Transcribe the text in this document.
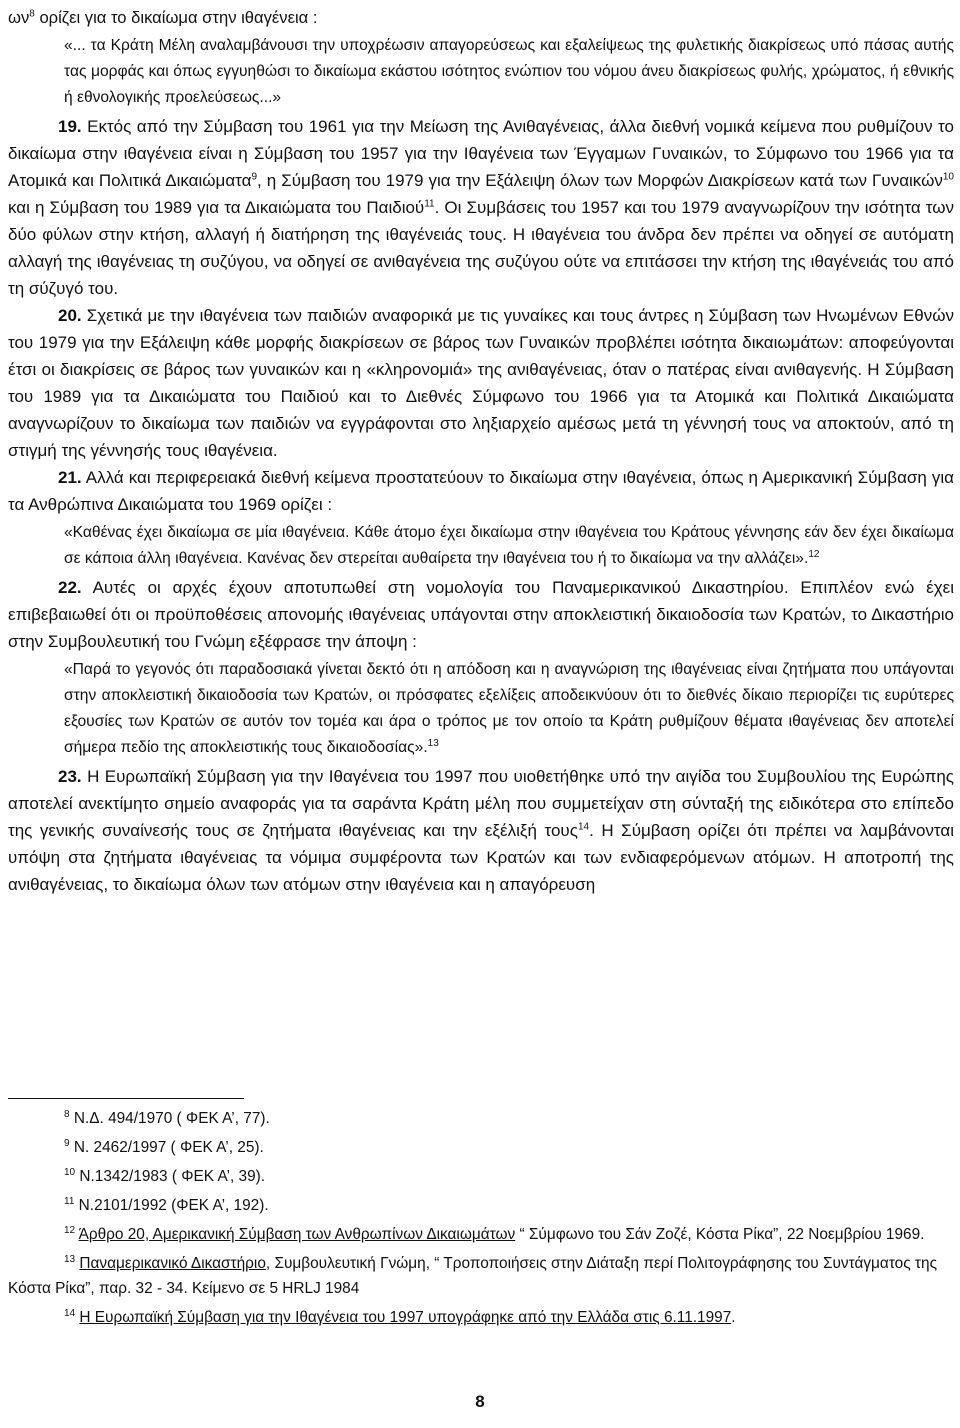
$\omega\nu^8$ ορίζει για το δικαίωμα στην ιθαγένεια :

«... τα Κράτη Μέλη αναλαμβάνουσι την υποχρέωσιν απαγορεύσεως και εξαλείψεως της φυλετικής διακρίσεως υπό πάσας αυτής τας μορφάς και όπως εγγυηθώσι το δικαίωμα εκάστου ισότητος ενώπιον του νόμου άνευ διακρίσεως φυλής, χρώματος, ή εθνικής ή εθνολογικής προελεύσεως...»

19. Εκτός από την Σύμβαση του 1961 για την Μείωση της Ανιθαγένειας, άλλα διεθνή νομικά κείμενα που ρυθμίζουν το δικαίωμα στην ιθαγένεια είναι η Σύμβαση του 1957 για την Ιθαγένεια των Έγγαμων Γυναικών, το Σύμφωνο του 1966 για τα Ατομικά και Πολιτικά Δικαιώματα$^9$, η Σύμβαση του 1979 για την Εξάλειψη όλων των Μορφών Διακρίσεων κατά των Γυναικών$^{10}$ και η Σύμβαση του 1989 για τα Δικαιώματα του Παιδιού$^{11}$. Οι Συμβάσεις του 1957 και του 1979 αναγνωρίζουν την ισότητα των δύο φύλων στην κτήση, αλλαγή ή διατήρηση της ιθαγένειάς τους. Η ιθαγένεια του άνδρα δεν πρέπει να οδηγεί σε αυτόματη αλλαγή της ιθαγένειας τη συζύγου, να οδηγεί σε ανιθαγένεια της συζύγου ούτε να επιτάσσει την κτήση της ιθαγένειάς του από τη σύζυγό του.

20. Σχετικά με την ιθαγένεια των παιδιών αναφορικά με τις γυναίκες και τους άντρες η Σύμβαση των Ηνωμένων Εθνών του 1979 για την Εξάλειψη κάθε μορφής διακρίσεων σε βάρος των Γυναικών προβλέπει ισότητα δικαιωμάτων: αποφεύγονται έτσι οι διακρίσεις σε βάρος των γυναικών και η «κληρονομιά» της ανιθαγένειας, όταν ο πατέρας είναι ανιθαγενής. Η Σύμβαση του 1989 για τα Δικαιώματα του Παιδιού και το Διεθνές Σύμφωνο του 1966 για τα Ατομικά και Πολιτικά Δικαιώματα αναγνωρίζουν το δικαίωμα των παιδιών να εγγράφονται στο ληξιαρχείο αμέσως μετά τη γέννησή τους να αποκτούν, από τη στιγμή της γέννησής τους ιθαγένεια.

21. Αλλά και περιφερειακά διεθνή κείμενα προστατεύουν το δικαίωμα στην ιθαγένεια, όπως η Αμερικανική Σύμβαση για τα Ανθρώπινα Δικαιώματα του 1969 ορίζει :

«Καθένας έχει δικαίωμα σε μία ιθαγένεια. Κάθε άτομο έχει δικαίωμα στην ιθαγένεια του Κράτους γέννησης εάν δεν έχει δικαίωμα σε κάποια άλλη ιθαγένεια. Κανένας δεν στερείται αυθαίρετα την ιθαγένεια του ή το δικαίωμα να την αλλάζει».$^{12}$

22. Αυτές οι αρχές έχουν αποτυπωθεί στη νομολογία του Παναμερικανικού Δικαστηρίου. Επιπλέον ενώ έχει επιβεβαιωθεί ότι οι προϋποθέσεις απονομής ιθαγένειας υπάγονται στην αποκλειστική δικαιοδοσία των Κρατών, το Δικαστήριο στην Συμβουλευτική του Γνώμη εξέφρασε την άποψη :

«Παρά το γεγονός ότι παραδοσιακά γίνεται δεκτό ότι η απόδοση και η αναγνώριση της ιθαγένειας είναι ζητήματα που υπάγονται στην αποκλειστική δικαιοδοσία των Κρατών, οι πρόσφατες εξελίξεις αποδεικνύουν ότι το διεθνές δίκαιο περιορίζει τις ευρύτερες εξουσίες των Κρατών σε αυτόν τον τομέα και άρα ο τρόπος με τον οποίο τα Κράτη ρυθμίζουν θέματα ιθαγένειας δεν αποτελεί σήμερα πεδίο της αποκλειστικής τους δικαιοδοσίας».$^{13}$

23. Η Ευρωπαϊκή Σύμβαση για την Ιθαγένεια του 1997 που υιοθετήθηκε υπό την αιγίδα του Συμβουλίου της Ευρώπης αποτελεί ανεκτίμητο σημείο αναφοράς για τα σαράντα Κράτη μέλη που συμμετείχαν στη σύνταξή της ειδικότερα στο επίπεδο της γενικής συναίνεσής τους σε ζητήματα ιθαγένειας και την εξέλιξή τους$^{14}$. Η Σύμβαση ορίζει ότι πρέπει να λαμβάνονται υπόψη στα ζητήματα ιθαγένειας τα νόμιμα συμφέροντα των Κρατών και των ενδιαφερόμενων ατόμων. Η αποτροπή της ανιθαγένειας, το δικαίωμα όλων των ατόμων στην ιθαγένεια και η απαγόρευση

$^8$ Ν.Δ. 494/1970 ( ΦΕΚ Α’, 77).

$^9$ Ν. 2462/1997 ( ΦΕΚ Α’, 25).

$^{10}$ Ν.1342/1983 ( ΦΕΚ Α’, 39).

$^{11}$ Ν.2101/1992 (ΦΕΚ Α’, 192).

$^{12}$ Άρθρο 20, Αμερικανική Σύμβαση των Ανθρωπίνων Δικαιωμάτων “ Σύμφωνο του Σάν Ζοζέ, Κόστα Ρίκα”, 22 Νοεμβρίου 1969.

$^{13}$ Παναμερικανικό Δικαστήριο, Συμβουλευτική Γνώμη, “ Τροποποιήσεις στην Διάταξη περί Πολιτογράφησης του Συντάγματος της Κόστα Ρίκα”, παρ. 32 - 34. Κείμενο σε 5 HRLJ 1984

$^{14}$ Η Ευρωπαϊκή Σύμβαση για την Ιθαγένεια του 1997 υπογράφηκε από την Ελλάδα στις 6.11.1997.

8
